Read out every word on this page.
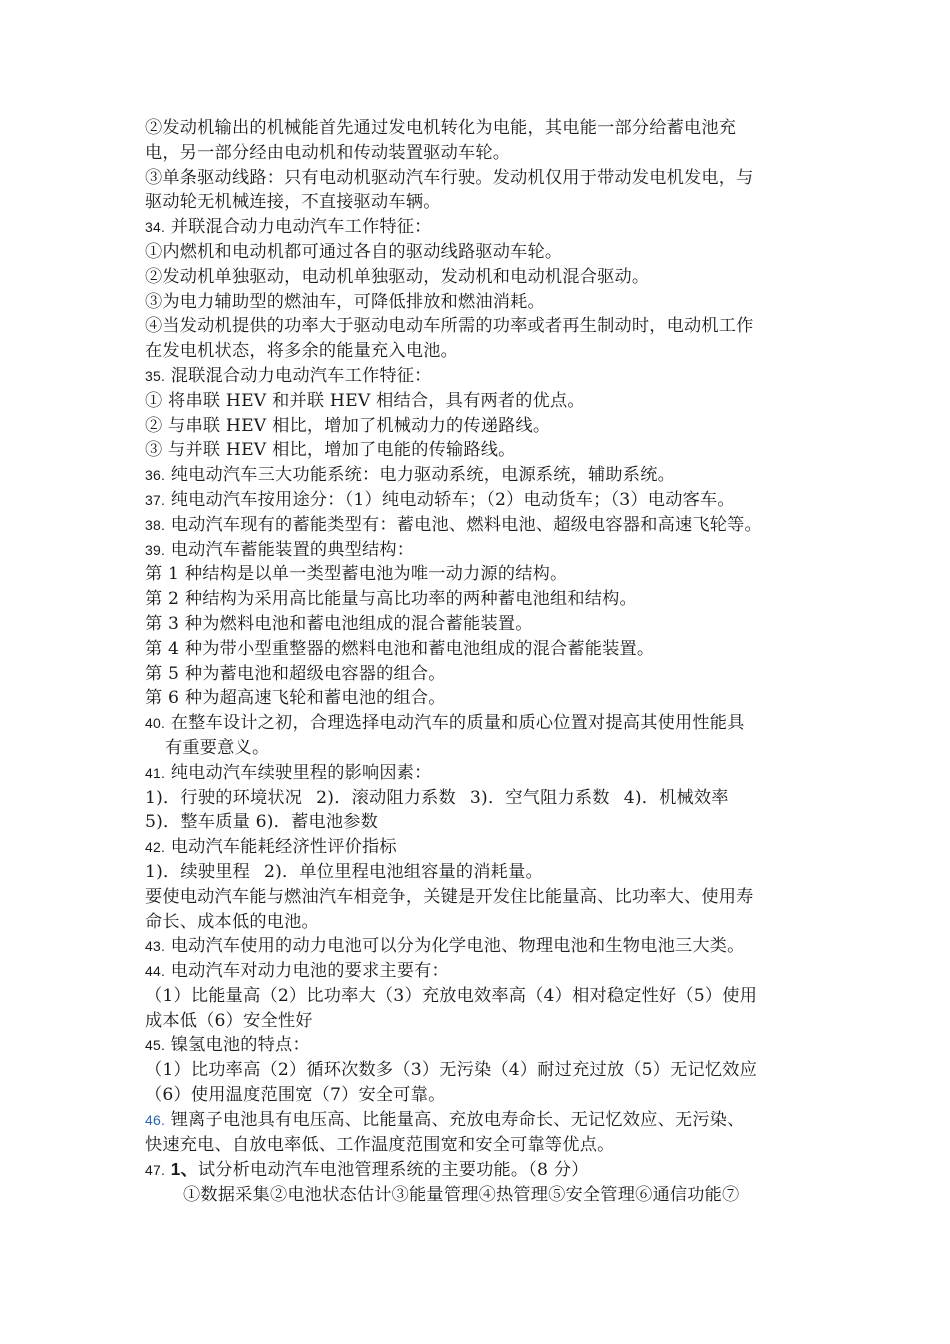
②发动机输出的机械能首先通过发电机转化为电能，其电能一部分给蓄电池充
电，另一部分经由电动机和传动装置驱动车轮。
③单条驱动线路：只有电动机驱动汽车行驶。发动机仅用于带动发电机发电，与
驱动轮无机械连接，不直接驱动车辆。
34. 并联混合动力电动汽车工作特征：
①内燃机和电动机都可通过各自的驱动线路驱动车轮。
②发动机单独驱动，电动机单独驱动，发动机和电动机混合驱动。
③为电力辅助型的燃油车，可降低排放和燃油消耗。
④当发动机提供的功率大于驱动电动车所需的功率或者再生制动时，电动机工作
在发电机状态，将多余的能量充入电池。
35. 混联混合动力电动汽车工作特征：
① 将串联 HEV 和并联 HEV 相结合，具有两者的优点。
② 与串联 HEV 相比，增加了机械动力的传递路线。
③ 与并联 HEV 相比，增加了电能的传输路线。
36. 纯电动汽车三大功能系统：电力驱动系统，电源系统，辅助系统。
37. 纯电动汽车按用途分：（1）纯电动轿车；（2）电动货车；（3）电动客车。
38. 电动汽车现有的蓄能类型有：蓄电池、燃料电池、超级电容器和高速飞轮等。
39. 电动汽车蓄能装置的典型结构：
第 1 种结构是以单一类型蓄电池为唯一动力源的结构。
第 2 种结构为采用高比能量与高比功率的两种蓄电池组和结构。
第 3 种为燃料电池和蓄电池组成的混合蓄能装置。
第 4 种为带小型重整器的燃料电池和蓄电池组成的混合蓄能装置。
第 5 种为蓄电池和超级电容器的组合。
第 6 种为超高速飞轮和蓄电池的组合。
40. 在整车设计之初，合理选择电动汽车的质量和质心位置对提高其使用性能具
有重要意义。
41. 纯电动汽车续驶里程的影响因素：
1)．行驶的环境状况 2)．滚动阻力系数 3)．空气阻力系数 4)．机械效率
5)．整车质量 6)．蓄电池参数
42. 电动汽车能耗经济性评价指标
1)．续驶里程 2)．单位里程电池组容量的消耗量。
要使电动汽车能与燃油汽车相竞争，关键是开发住比能量高、比功率大、使用寿
命长、成本低的电池。
43. 电动汽车使用的动力电池可以分为化学电池、物理电池和生物电池三大类。
44. 电动汽车对动力电池的要求主要有：
（1）比能量高（2）比功率大（3）充放电效率高（4）相对稳定性好（5）使用
成本低（6）安全性好
45. 镍氢电池的特点：
（1）比功率高（2）循环次数多（3）无污染（4）耐过充过放（5）无记忆效应
（6）使用温度范围宽（7）安全可靠。
46. 锂离子电池具有电压高、比能量高、充放电寿命长、无记忆效应、无污染、
快速充电、自放电率低、工作温度范围宽和安全可靠等优点。
47. 1、试分析电动汽车电池管理系统的主要功能。（8 分）
①数据采集②电池状态估计③能量管理④热管理⑤安全管理⑥通信功能⑦
